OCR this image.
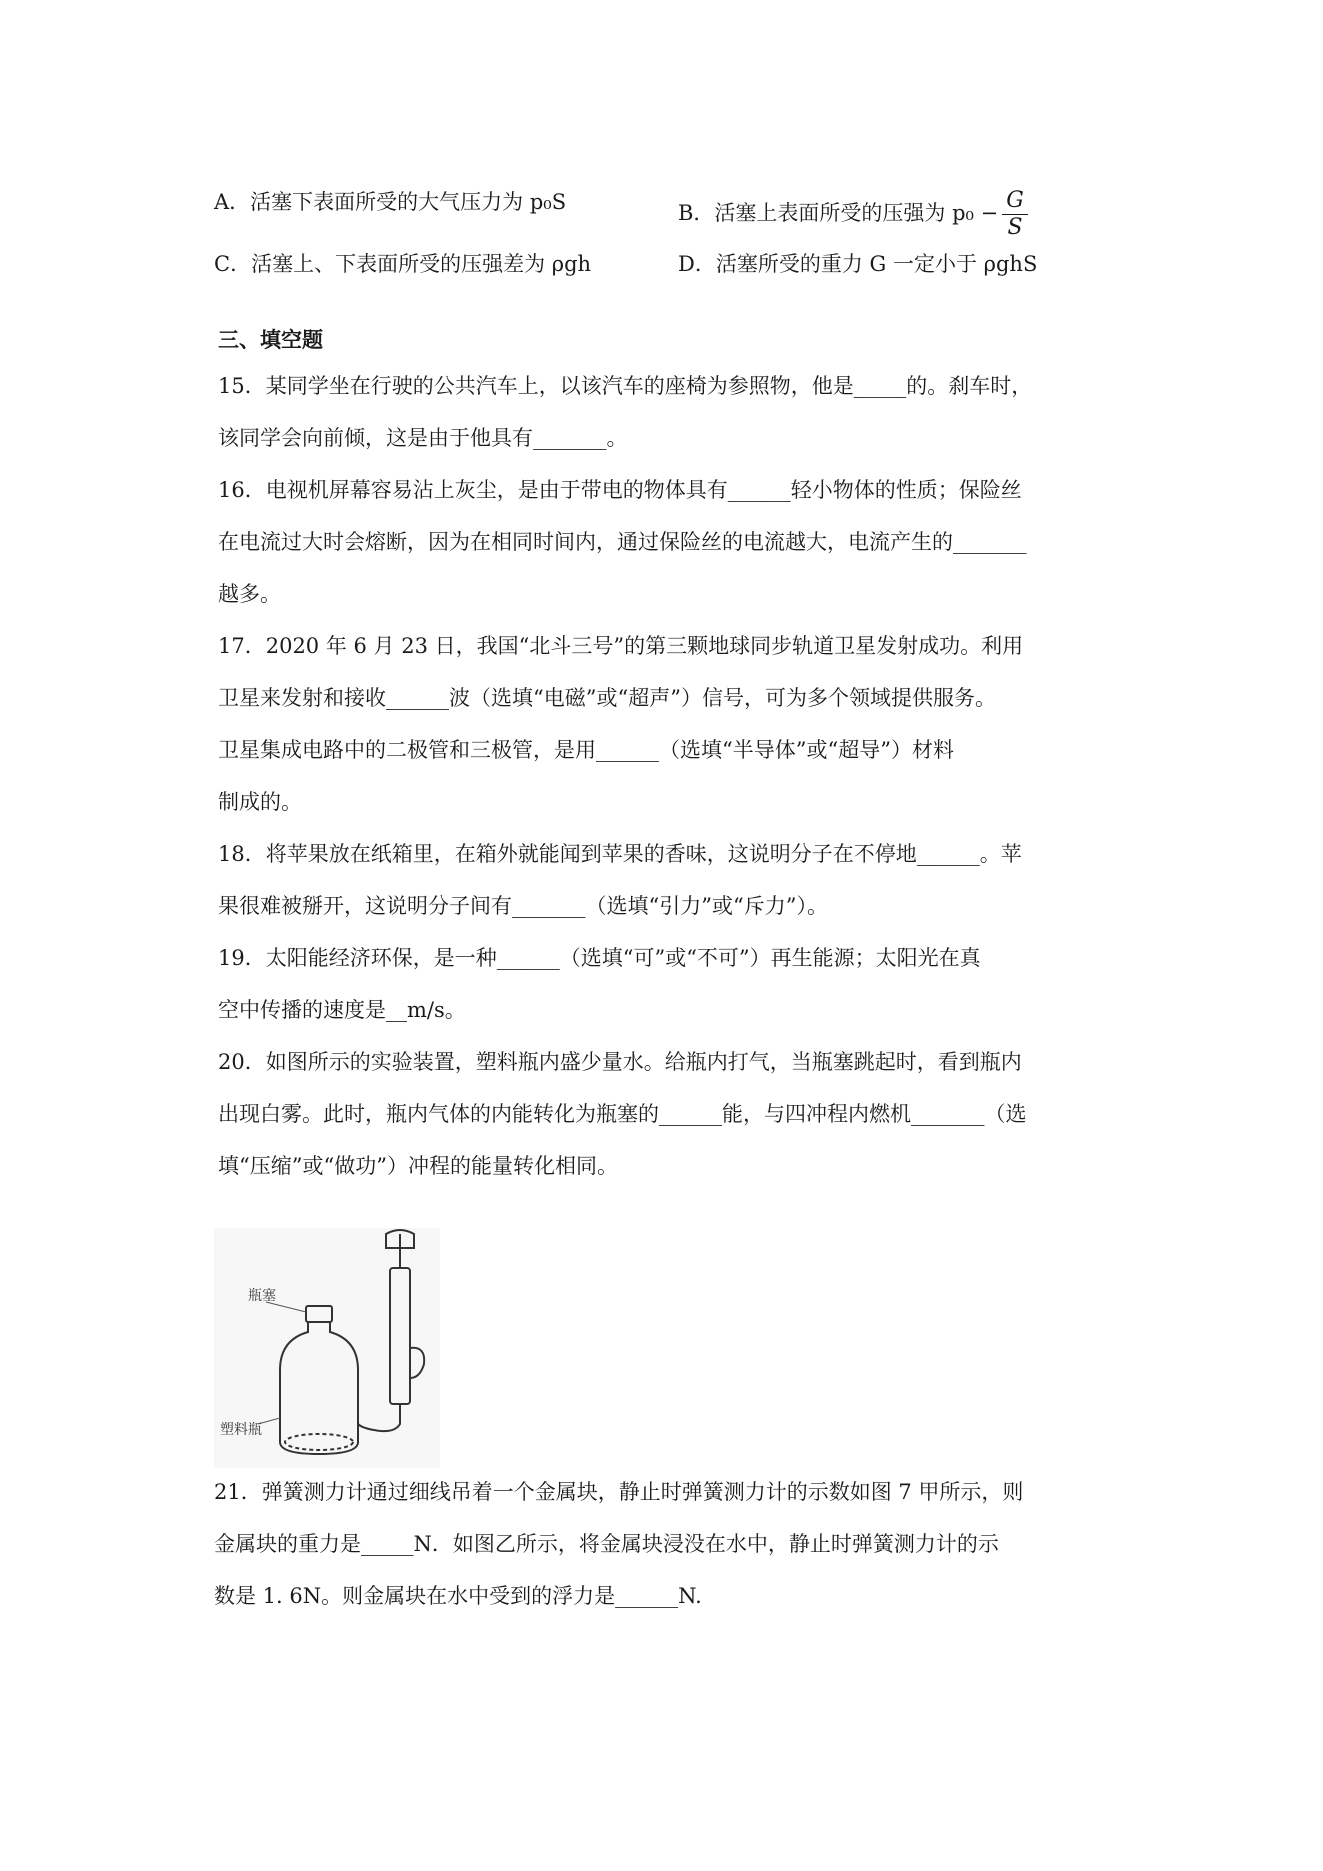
A．活塞下表面所受的大气压力为 p₀S	B．活塞上表面所受的压强为 $p_0 - \frac{G}{S}$
C．活塞上、下表面所受的压强差为 ρgh	D．活塞所受的重力 G 一定小于 ρghS
三、填空题
15．某同学坐在行驶的公共汽车上，以该汽车的座椅为参照物，他是_____的。刹车时，
该同学会向前倾，这是由于他具有_______。
16．电视机屏幕容易沾上灰尘，是由于带电的物体具有______轻小物体的性质；保险丝
在电流过大时会熔断，因为在相同时间内，通过保险丝的电流越大，电流产生的_______
越多。
17．2020 年 6 月 23 日，我国“北斗三号”的第三颗地球同步轨道卫星发射成功。利用
卫星来发射和接收______波（选填“电磁”或“超声”）信号，可为多个领域提供服务。
卫星集成电路中的二极管和三极管，是用______（选填“半导体”或“超导”）材料
制成的。
18．将苹果放在纸箱里，在箱外就能闻到苹果的香味，这说明分子在不停地______。苹
果很难被掰开，这说明分子间有_______（选填“引力”或“斥力”）。
19．太阳能经济环保，是一种______（选填“可”或“不可”）再生能源；太阳光在真
空中传播的速度是__m/s。
20．如图所示的实验装置，塑料瓶内盛少量水。给瓶内打气，当瓶塞跳起时，看到瓶内
出现白雾。此时，瓶内气体的内能转化为瓶塞的______能，与四冲程内燃机_______（选
填“压缩”或“做功”）冲程的能量转化相同。
瓶塞
塑料瓶
21．弹簧测力计通过细线吊着一个金属块，静止时弹簧测力计的示数如图 7 甲所示，则
金属块的重力是_____N．如图乙所示，将金属块浸没在水中，静止时弹簧测力计的示
数是 1. 6N。则金属块在水中受到的浮力是______N.
